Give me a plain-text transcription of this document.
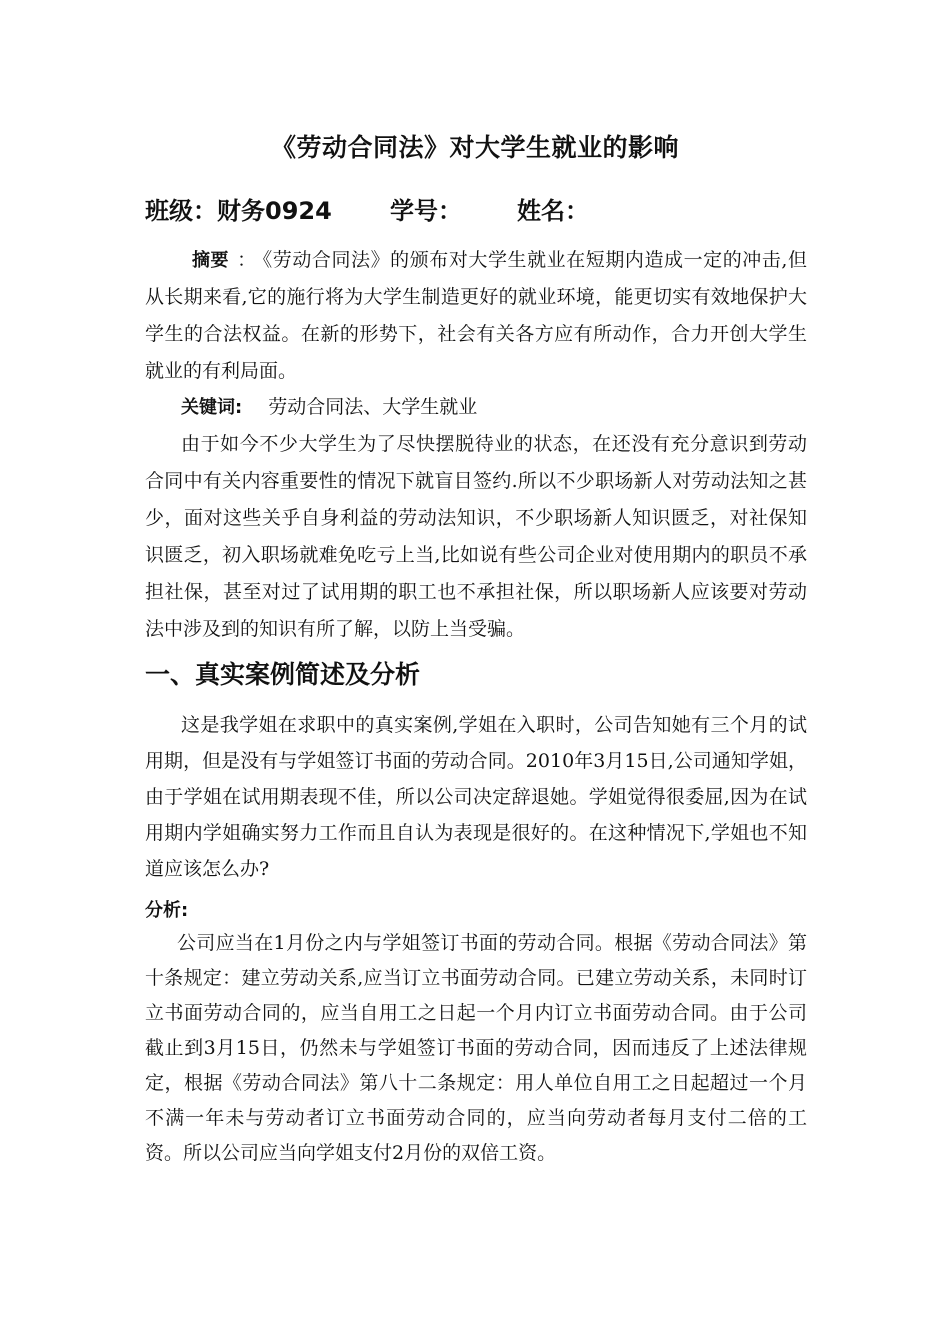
《劳动合同法》对大学生就业的影响
班级：财务0924 学号： 姓名：
摘要 ： 《劳动合同法》的颁布对大学生就业在短期内造成一定的冲击,但从长期来看,它的施行将为大学生制造更好的就业环境，能更切实有效地保护大学生的合法权益。在新的形势下，社会有关各方应有所动作，合力开创大学生就业的有利局面。
关键词: 劳动合同法、大学生就业
由于如今不少大学生为了尽快摆脱待业的状态，在还没有充分意识到劳动合同中有关内容重要性的情况下就盲目签约.所以不少职场新人对劳动法知之甚少，面对这些关乎自身利益的劳动法知识，不少职场新人知识匮乏，对社保知识匮乏，初入职场就难免吃亏上当,比如说有些公司企业对使用期内的职员不承担社保，甚至对过了试用期的职工也不承担社保，所以职场新人应该要对劳动法中涉及到的知识有所了解，以防上当受骗。
一、真实案例简述及分析
这是我学姐在求职中的真实案例,学姐在入职时，公司告知她有三个月的试用期，但是没有与学姐签订书面的劳动合同。2010年3月15日,公司通知学姐，由于学姐在试用期表现不佳，所以公司决定辞退她。学姐觉得很委屈,因为在试用期内学姐确实努力工作而且自认为表现是很好的。在这种情况下,学姐也不知道应该怎么办?
分析:
公司应当在1月份之内与学姐签订书面的劳动合同。根据《劳动合同法》第十条规定：建立劳动关系,应当订立书面劳动合同。已建立劳动关系，未同时订立书面劳动合同的，应当自用工之日起一个月内订立书面劳动合同。由于公司截止到3月15日，仍然未与学姐签订书面的劳动合同，因而违反了上述法律规定，根据《劳动合同法》第八十二条规定：用人单位自用工之日起超过一个月不满一年未与劳动者订立书面劳动合同的，应当向劳动者每月支付二倍的工资。所以公司应当向学姐支付2月份的双倍工资。
